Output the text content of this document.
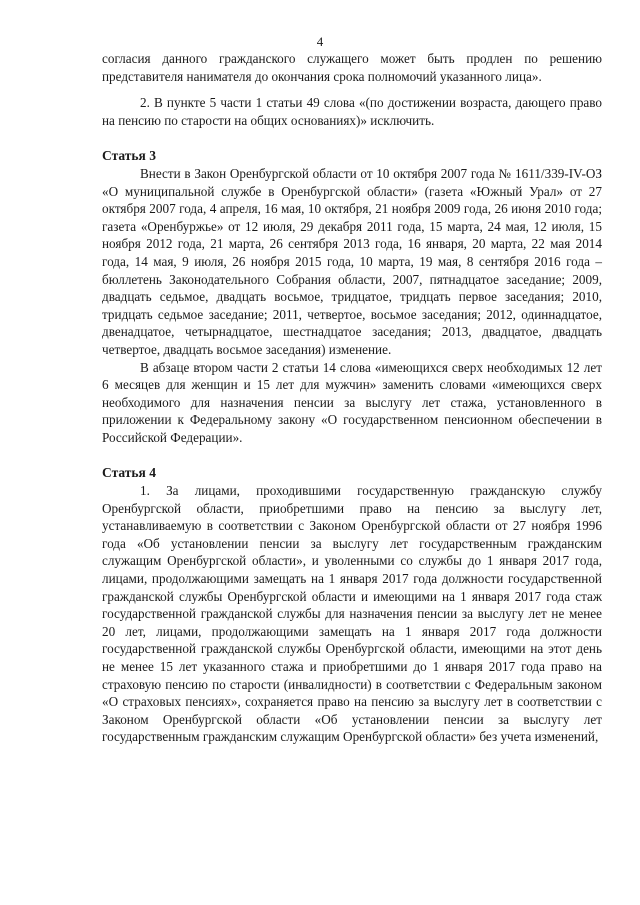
4

согласия данного гражданского служащего может быть продлен по решению представителя нанимателя до окончания срока полномочий указанного лица».

2. В пункте 5 части 1 статьи 49 слова «(по достижении возраста, дающего право на пенсию по старости на общих основаниях)» исключить.

Статья 3

Внести в Закон Оренбургской области от 10 октября 2007 года № 1611/339-IV-ОЗ «О муниципальной службе в Оренбургской области» (газета «Южный Урал» от 27 октября 2007 года, 4 апреля, 16 мая, 10 октября, 21 ноября 2009 года, 26 июня 2010 года; газета «Оренбуржье» от 12 июля, 29 декабря 2011 года, 15 марта, 24 мая, 12 июля, 15 ноября 2012 года, 21 марта, 26 сентября 2013 года, 16 января, 20 марта, 22 мая 2014 года, 14 мая, 9 июля, 26 ноября 2015 года, 10 марта, 19 мая, 8 сентября 2016 года – бюллетень Законодательного Собрания области, 2007, пятнадцатое заседание; 2009, двадцать седьмое, двадцать восьмое, тридцатое, тридцать первое заседания; 2010, тридцать седьмое заседание; 2011, четвертое, восьмое заседания; 2012, одиннадцатое, двенадцатое, четырнадцатое, шестнадцатое заседания; 2013, двадцатое, двадцать четвертое, двадцать восьмое заседания) изменение.

В абзаце втором части 2 статьи 14 слова «имеющихся сверх необходимых 12 лет 6 месяцев для женщин и 15 лет для мужчин» заменить словами «имеющихся сверх необходимого для назначения пенсии за выслугу лет стажа, установленного в приложении к Федеральному закону «О государственном пенсионном обеспечении в Российской Федерации».

Статья 4

1. За лицами, проходившими государственную гражданскую службу Оренбургской области, приобретшими право на пенсию за выслугу лет, устанавливаемую в соответствии с Законом Оренбургской области от 27 ноября 1996 года «Об установлении пенсии за выслугу лет государственным гражданским служащим Оренбургской области», и уволенными со службы до 1 января 2017 года, лицами, продолжающими замещать на 1 января 2017 года должности государственной гражданской службы Оренбургской области и имеющими на 1 января 2017 года стаж государственной гражданской службы для назначения пенсии за выслугу лет не менее 20 лет, лицами, продолжающими замещать на 1 января 2017 года должности государственной гражданской службы Оренбургской области, имеющими на этот день не менее 15 лет указанного стажа и приобретшими до 1 января 2017 года право на страховую пенсию по старости (инвалидности) в соответствии с Федеральным законом «О страховых пенсиях», сохраняется право на пенсию за выслугу лет в соответствии с Законом Оренбургской области «Об установлении пенсии за выслугу лет государственным гражданским служащим Оренбургской области» без учета изменений,
